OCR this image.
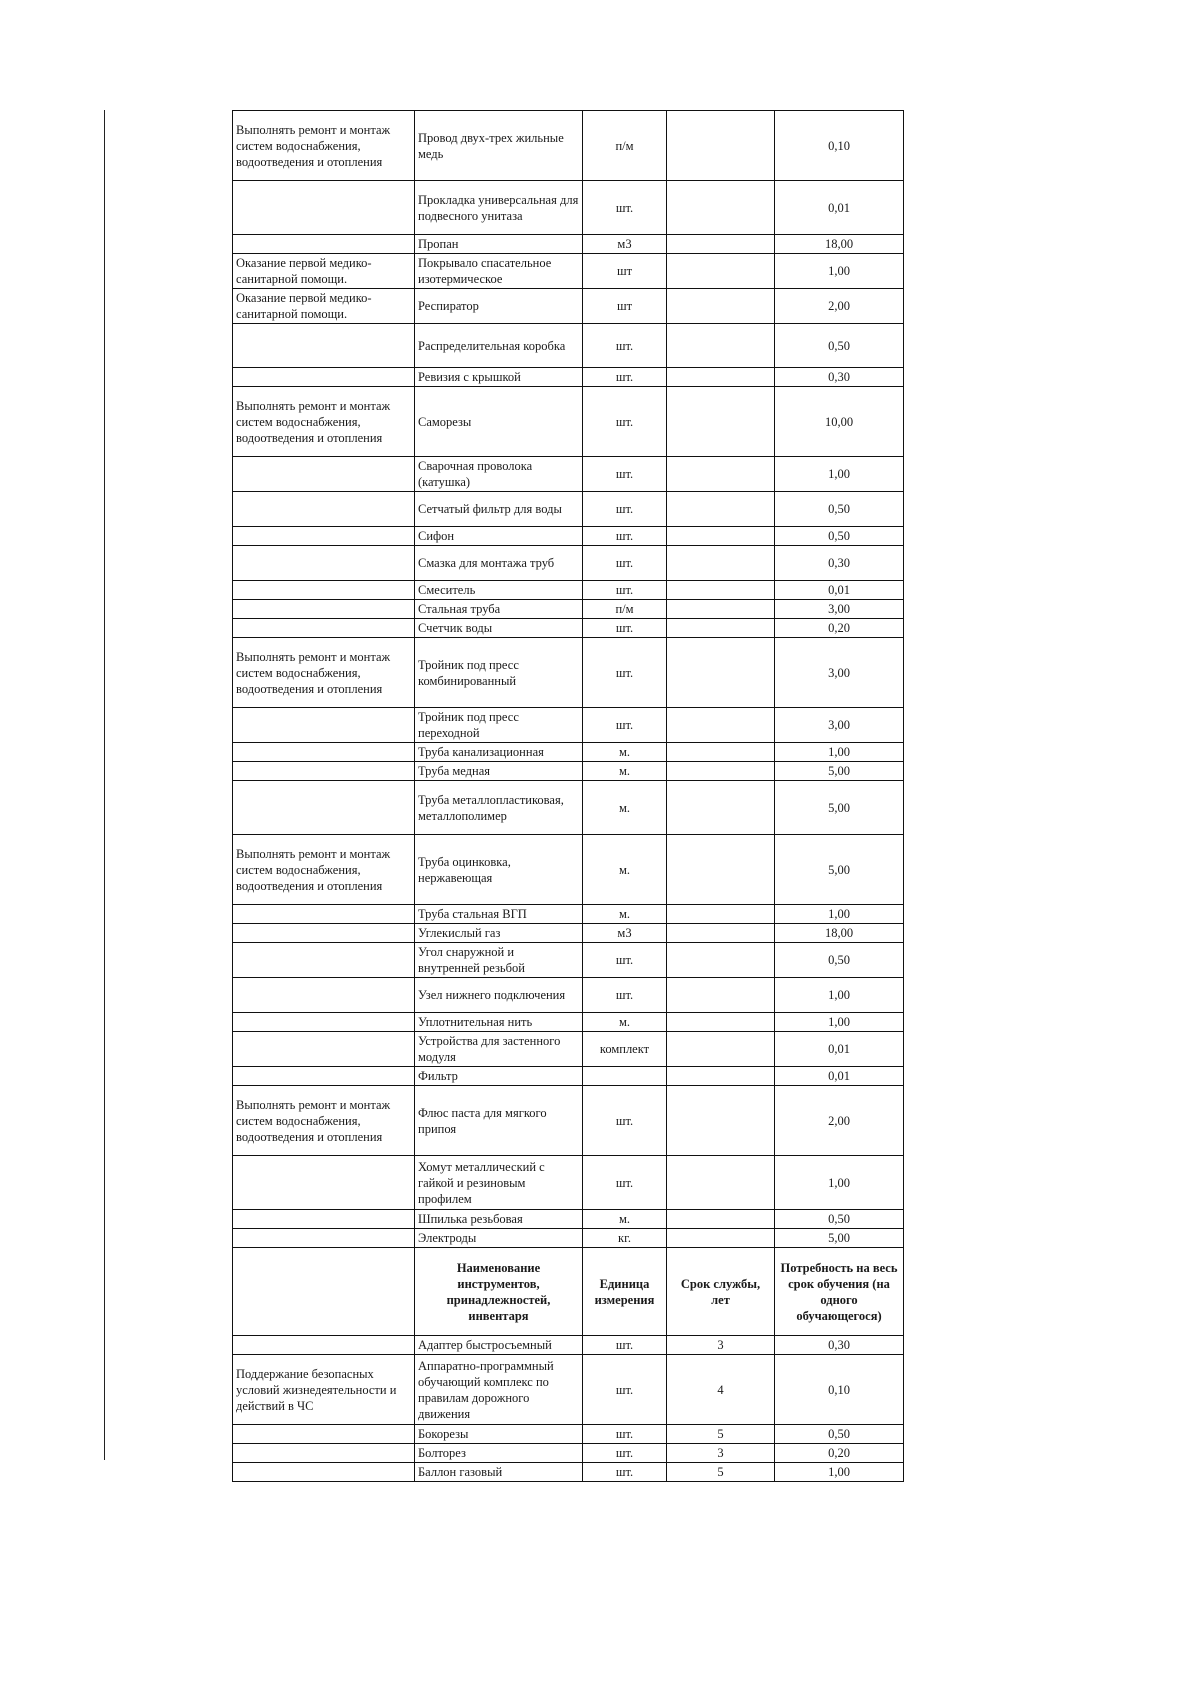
Выполнять ремонт и монтаж систем водоснабжения, водоотведения и отопления	Провод двух-трех жильные медь	п/м		0,10
	Прокладка универсальная для подвесного унитаза	шт.		0,01
	Пропан	м3		18,00
Оказание первой медико-санитарной помощи.	Покрывало спасательное изотермическое	шт		1,00
Оказание первой медико-санитарной помощи.	Респиратор	шт		2,00
	Распределительная коробка	шт.		0,50
	Ревизия с крышкой	шт.		0,30
Выполнять ремонт и монтаж систем водоснабжения, водоотведения и отопления	Саморезы	шт.		10,00
	Сварочная проволока (катушка)	шт.		1,00
	Сетчатый фильтр для воды	шт.		0,50
	Сифон	шт.		0,50
	Смазка для монтажа труб	шт.		0,30
	Смеситель	шт.		0,01
	Стальная труба	п/м		3,00
	Счетчик воды	шт.		0,20
Выполнять ремонт и монтаж систем водоснабжения, водоотведения и отопления	Тройник под пресс комбинированный	шт.		3,00
	Тройник под пресс переходной	шт.		3,00
	Труба канализационная	м.		1,00
	Труба медная	м.		5,00
	Труба металлопластиковая, металлополимер	м.		5,00
Выполнять ремонт и монтаж систем водоснабжения, водоотведения и отопления	Труба оцинковка, нержавеющая	м.		5,00
	Труба стальная ВГП	м.		1,00
	Углекислый газ	м3		18,00
	Угол снаружной и внутренней резьбой	шт.		0,50
	Узел нижнего подключения	шт.		1,00
	Уплотнительная нить	м.		1,00
	Устройства для застенного модуля	комплект		0,01
	Фильтр			0,01
Выполнять ремонт и монтаж систем водоснабжения, водоотведения и отопления	Флюс паста для мягкого припоя	шт.		2,00
	Хомут металлический с гайкой и резиновым профилем	шт.		1,00
	Шпилька резьбовая	м.		0,50
	Электроды	кг.		5,00
	Наименование инструментов, принадлежностей, инвентаря	Единица измерения	Срок службы, лет	Потребность на весь срок обучения (на одного обучающегося)
	Адаптер быстросъемный	шт.	3	0,30
Поддержание безопасных условий жизнедеятельности и действий в ЧС	Аппаратно-программный обучающий комплекс по правилам дорожного движения	шт.	4	0,10
	Бокорезы	шт.	5	0,50
	Болторез	шт.	3	0,20
	Баллон газовый	шт.	5	1,00
